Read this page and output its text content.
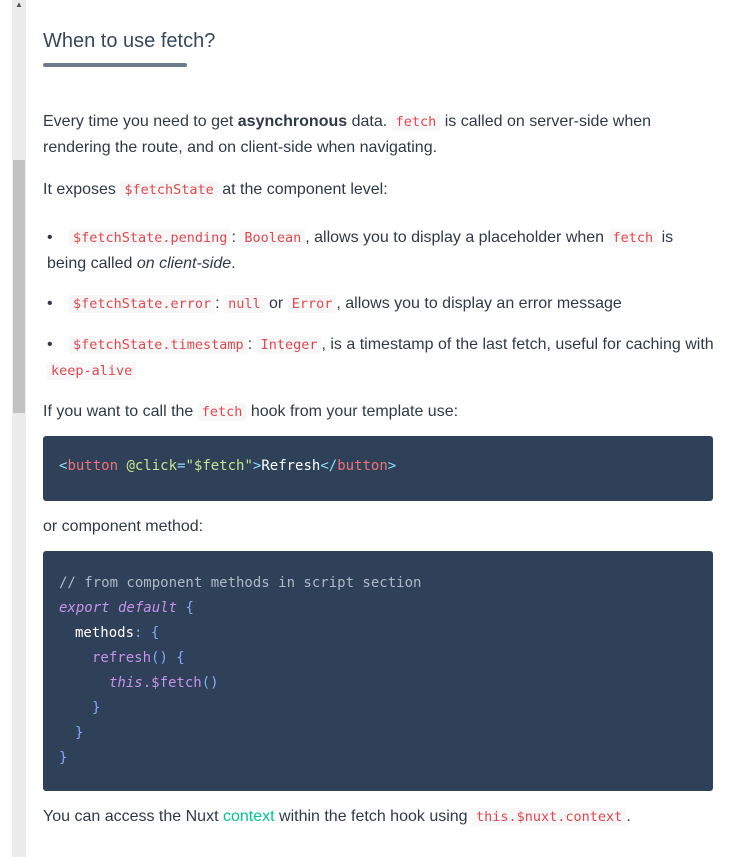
▲
When to use fetch?

Every time you need to get asynchronous data. fetch is called on server-side when rendering the route, and on client-side when navigating.

It exposes $fetchState at the component level:

• $fetchState.pending : Boolean , allows you to display a placeholder when fetch is being called on client-side.
• $fetchState.error : null or Error , allows you to display an error message
• $fetchState.timestamp : Integer , is a timestamp of the last fetch, useful for caching with keep-alive

If you want to call the fetch hook from your template use:

<button @click="$fetch">Refresh</button>

or component method:

// from component methods in script section
export default {
methods: {
refresh() {
this.$fetch()
}
}
}

You can access the Nuxt context within the fetch hook using this.$nuxt.context .
